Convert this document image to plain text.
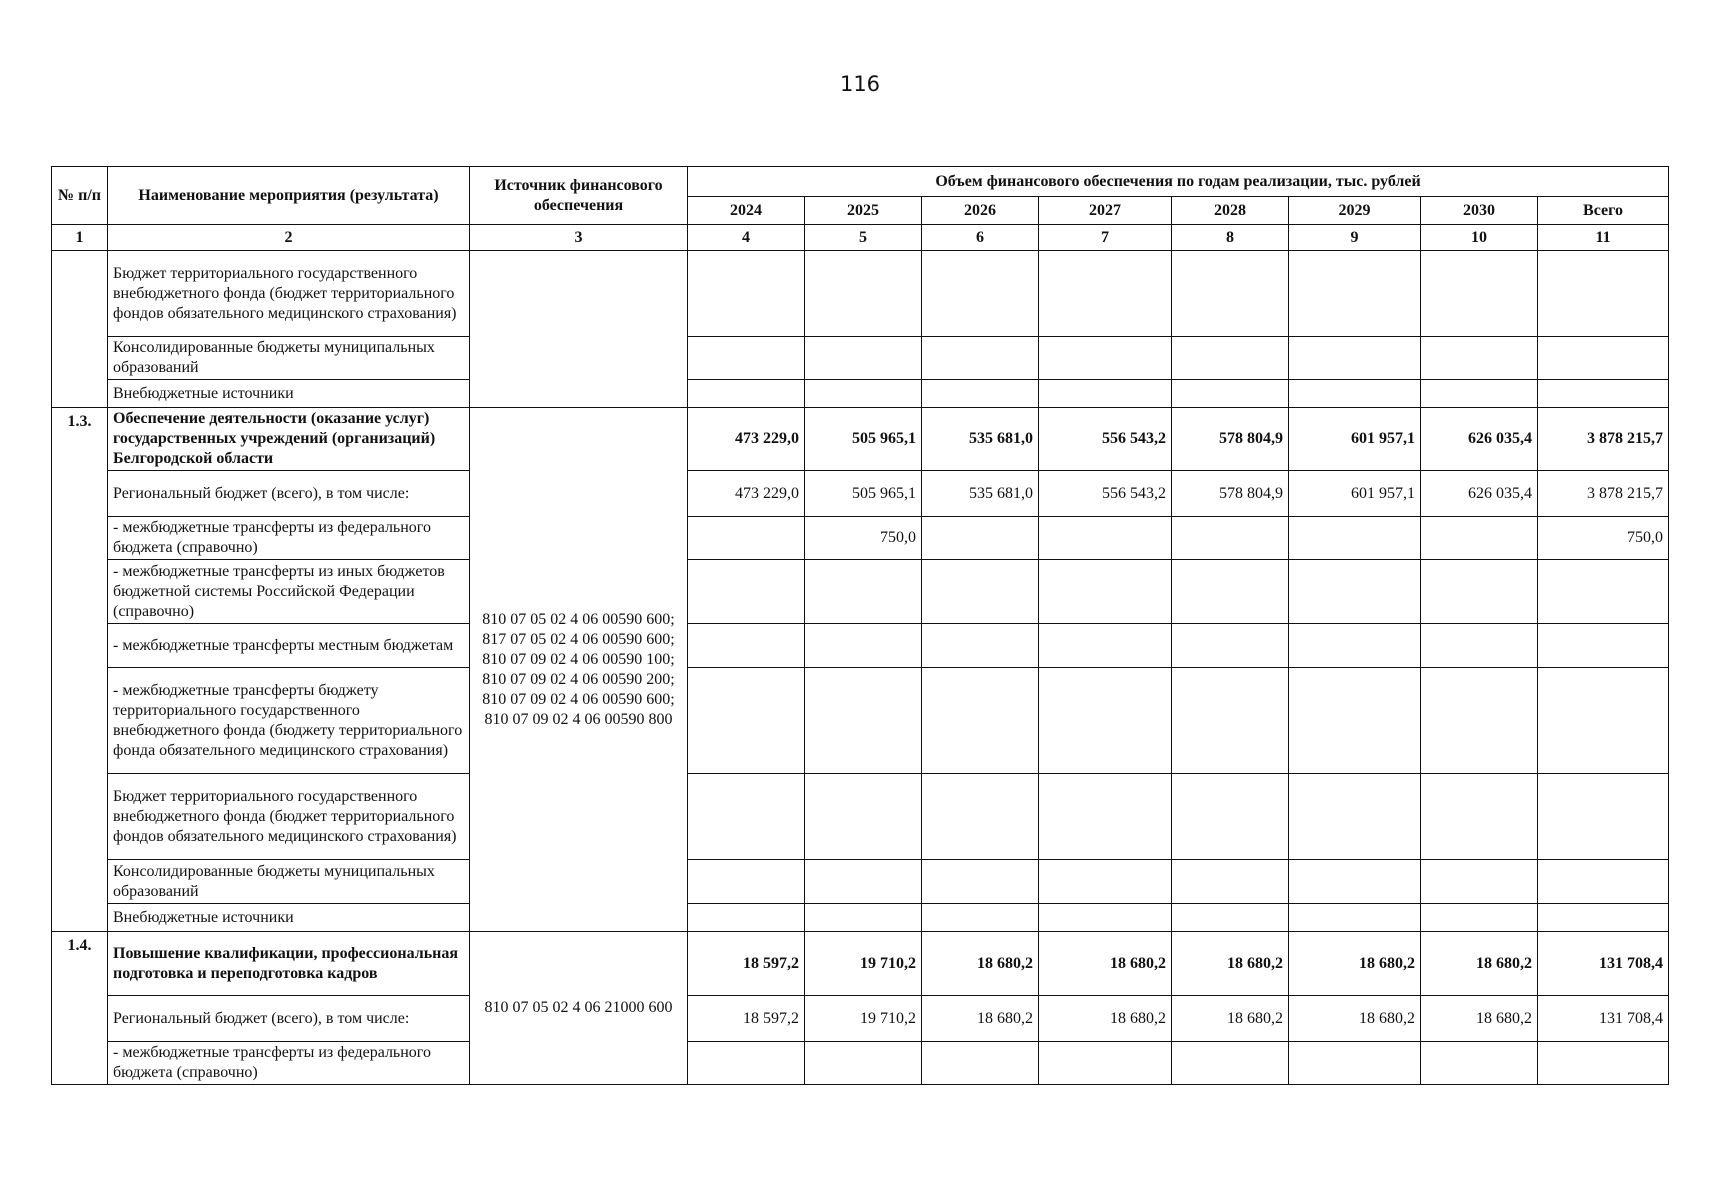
116
№ п/п	Наименование мероприятия (результата)	Источник финансового обеспечения	Объем финансового обеспечения по годам реализации, тыс. рублей							
			2024	2025	2026	2027	2028	2029	2030	Всего
1	2	3	4	5	6	7	8	9	10	11
	Бюджет территориального государственного внебюджетного фонда (бюджет территориального фондов обязательного медицинского страхования)									
	Консолидированные бюджеты муниципальных образований									
	Внебюджетные источники									
1.3.	Обеспечение деятельности (оказание услуг) государственных учреждений (организаций) Белгородской области	810 07 05 02 4 06 00590 600; 817 07 05 02 4 06 00590 600; 810 07 09 02 4 06 00590 100; 810 07 09 02 4 06 00590 200; 810 07 09 02 4 06 00590 600; 810 07 09 02 4 06 00590 800	473 229,0	505 965,1	535 681,0	556 543,2	578 804,9	601 957,1	626 035,4	3 878 215,7
	Региональный бюджет (всего), в том числе:		473 229,0	505 965,1	535 681,0	556 543,2	578 804,9	601 957,1	626 035,4	3 878 215,7
	- межбюджетные трансферты из федерального бюджета (справочно)			750,0						750,0
	- межбюджетные трансферты из иных бюджетов бюджетной системы Российской Федерации (справочно)									
	- межбюджетные трансферты местным бюджетам									
	- межбюджетные трансферты бюджету территориального государственного внебюджетного фонда (бюджету территориального фонда обязательного медицинского страхования)									
	Бюджет территориального государственного внебюджетного фонда (бюджет территориального фондов обязательного медицинского страхования)									
	Консолидированные бюджеты муниципальных образований									
	Внебюджетные источники									
1.4.	Повышение квалификации, профессиональная подготовка и переподготовка кадров	810 07 05 02 4 06 21000 600	18 597,2	19 710,2	18 680,2	18 680,2	18 680,2	18 680,2	18 680,2	131 708,4
	Региональный бюджет (всего), в том числе:		18 597,2	19 710,2	18 680,2	18 680,2	18 680,2	18 680,2	18 680,2	131 708,4
	- межбюджетные трансферты из федерального бюджета (справочно)									
